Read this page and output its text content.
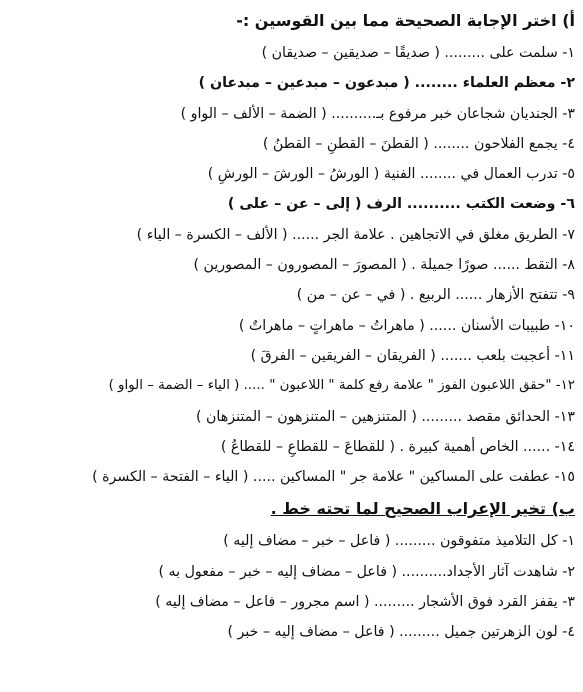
أ) اختر الإجابة الصحيحة مما بين القوسين :-
١- سلمت على ......... ( صديقًا – صديقين – صديقان )
٢- معظم العلماء ........ ( مبدعون – مبدعين – مبدعان )
٣- الجنديان شجاعان خبر مرفوع بـ.......... ( الضمة – الألف – الواو )
٤- يجمع الفلاحون ........ ( القطنَ – القطنِ – القطنُ )
٥- تدرب العمال في ........ الفنية ( الورشُ – الورشَ – الورشِ )
٦- وضعت الكتب .......... الرف ( إلى – عن – على )
٧- الطريق مغلق في الاتجاهين . علامة الجر ...... ( الألف – الكسرة – الياء )
٨- التقط ...... صورًا جميلة . ( المصورَ – المصورون – المصورين )
٩- تتفتح الأزهار ...... الربيع . ( في – عن – من )
١٠- طبيبات الأسنان ...... ( ماهراتُ – ماهراتٍ – ماهراتٌ )
١١- أعجبت بلعب ....... ( الفريقان – الفريقين – الفرقَ )
١٢- "حقق اللاعبون الفوز " علامة رفع كلمة " اللاعبون " ..... ( الياء – الضمة – الواو )
١٣- الحدائق مقصد ......... ( المتنزهين – المتنزهون – المتنزهان )
١٤- ...... الخاص أهمية كبيرة . ( للقطاعَ – للقطاعِ – للقطاعُ )
١٥- عطفت على المساكين " علامة جر " المساكين ..... ( الياء – الفتحة – الكسرة )
ب) تخير الإعراب الصحيح لما تحته خط .
١- كل التلاميذ متفوقون ......... ( فاعل – خبر – مضاف إليه )
٢- شاهدت آثار الأجداد.......... ( فاعل – مضاف إليه – خبر – مفعول به )
٣- يقفز القرد فوق الأشجار ......... ( اسم مجرور – فاعل – مضاف إليه )
٤- لون الزهرتين جميل ......... ( فاعل – مضاف إليه – خبر )
